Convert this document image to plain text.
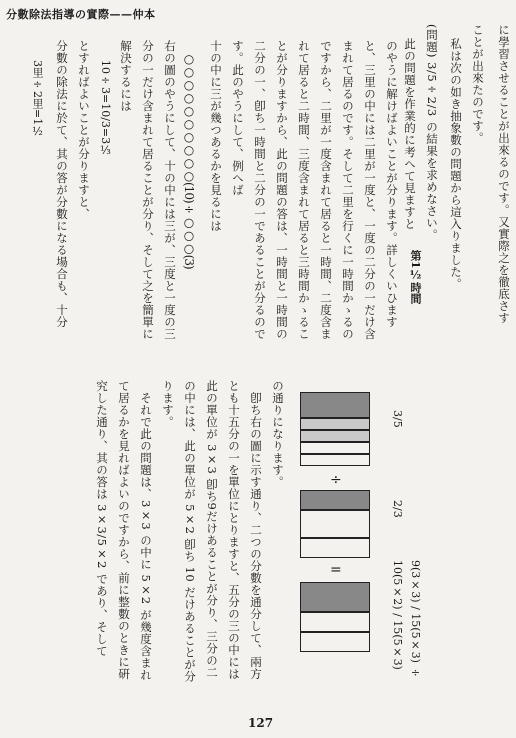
分數除法指導の實際——仲本
に學習させることが出來るのです。又實際之を徹底さす
ことが出來たのです。
私は次の如き抽象數の問題から這入りました。
(問題) 3/5÷2/3 の結果を求めなさい。
此の問題を作業的に考へて見ますと
÷
=
3/5
2/3
9(3×3) / 15(5×3) ÷ 10(5×2) / 15(5×3)
の通りになります。
卽ち右の圖に示す通り、二つの分數を通分して、兩方
とも十五分の一を單位にとりますと、五分の三の中には
此の單位が 3×3 卽ち9だけあることが分り、三分の二
の中には、此の單位が 5×2 卽ち 10 だけあることが分
ります。
それで此の問題は、3×3 の中に 5×2 が幾度含まれ
て居るかを見ればよいのですから、前に整數のときに硏
究した通り、其の答は 3×3/5×2 であり、そして
第1½時間
のやうに解けばよいことが分ります。詳しくいひます
と、三里の中には二里が一度と、一度の二分の一だけ含
まれて居るのです。そして二里を行くに一時間かゝるの
ですから、二里が一度含まれて居ると一時間、二度含ま
れて居ると二時間、三度含まれて居ると三時間かゝるこ
とが分りますから、此の問題の答は、一時間と一時間の
二分の一、卽ち一時間と二分の一であることが分るので
す。此のやうにして、例へば
十の中に三が幾つあるかを見るには
○○○○○○○○○○(10)÷○○○(3)
右の圖のやうにして、十の中には三が、三度と一度の三
分の一だけ含まれて居ることが分り、そして之を簡單に
解決するには
10÷3=10/3=3⅓
とすればよいことが分りますと、
分數の除法に於て、其の答が分數になる場合も、十分
3里÷2里=1½
127
